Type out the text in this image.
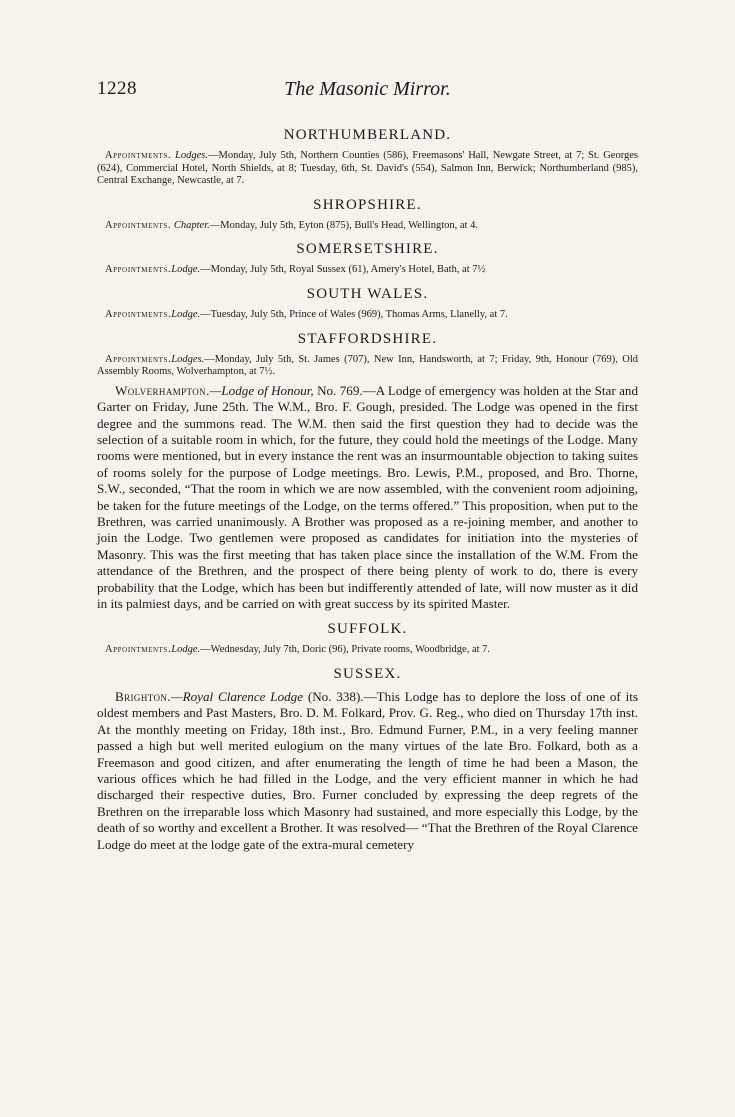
1228	The Masonic Mirror.
NORTHUMBERLAND.

Appointments. Lodges.—Monday, July 5th, Northern Counties (586), Freemasons' Hall, Newgate Street, at 7; St. Georges (624), Commercial Hotel, North Shields, at 8; Tuesday, 6th, St. David's (554), Salmon Inn, Berwick; Northumberland (985), Central Exchange, Newcastle, at 7.

SHROPSHIRE.

Appointments. Chapter.—Monday, July 5th, Eyton (875), Bull's Head, Wellington, at 4.

SOMERSETSHIRE.

Appointments.Lodge.—Monday, July 5th, Royal Sussex (61), Amery's Hotel, Bath, at 7½

SOUTH WALES.

Appointments.Lodge.—Tuesday, July 5th, Prince of Wales (969), Thomas Arms, Llanelly, at 7.

STAFFORDSHIRE.

Appointments.Lodges.—Monday, July 5th, St. James (707), New Inn, Handsworth, at 7; Friday, 9th, Honour (769), Old Assembly Rooms, Wolverhampton, at 7½.

Wolverhampton.—Lodge of Honour, No. 769.—A Lodge of emergency was holden at the Star and Garter on Friday, June 25th. The W.M., Bro. F. Gough, presided. The Lodge was opened in the first degree and the summons read. The W.M. then said the first question they had to decide was the selection of a suitable room in which, for the future, they could hold the meetings of the Lodge. Many rooms were mentioned, but in every instance the rent was an insurmountable objection to taking suites of rooms solely for the purpose of Lodge meetings. Bro. Lewis, P.M., proposed, and Bro. Thorne, S.W., seconded, “That the room in which we are now assembled, with the convenient room adjoining, be taken for the future meetings of the Lodge, on the terms offered.” This proposition, when put to the Brethren, was carried unanimously. A Brother was proposed as a re-joining member, and another to join the Lodge. Two gentlemen were proposed as candidates for initiation into the mysteries of Masonry. This was the first meeting that has taken place since the installation of the W.M. From the attendance of the Brethren, and the prospect of there being plenty of work to do, there is every probability that the Lodge, which has been but indifferently attended of late, will now muster as it did in its palmiest days, and be carried on with great success by its spirited Master.

SUFFOLK.

Appointments.Lodge.—Wednesday, July 7th, Doric (96), Private rooms, Woodbridge, at 7.

SUSSEX.

Brighton.—Royal Clarence Lodge (No. 338).—This Lodge has to deplore the loss of one of its oldest members and Past Masters, Bro. D. M. Folkard, Prov. G. Reg., who died on Thursday 17th inst. At the monthly meeting on Friday, 18th inst., Bro. Edmund Furner, P.M., in a very feeling manner passed a high but well merited eulogium on the many virtues of the late Bro. Folkard, both as a Freemason and good citizen, and after enumerating the length of time he had been a Mason, the various offices which he had filled in the Lodge, and the very efficient manner in which he had discharged their respective duties, Bro. Furner concluded by expressing the deep regrets of the Brethren on the irreparable loss which Masonry had sustained, and more especially this Lodge, by the death of so worthy and excellent a Brother. It was resolved— “That the Brethren of the Royal Clarence Lodge do meet at the lodge gate of the extra-mural cemetery
